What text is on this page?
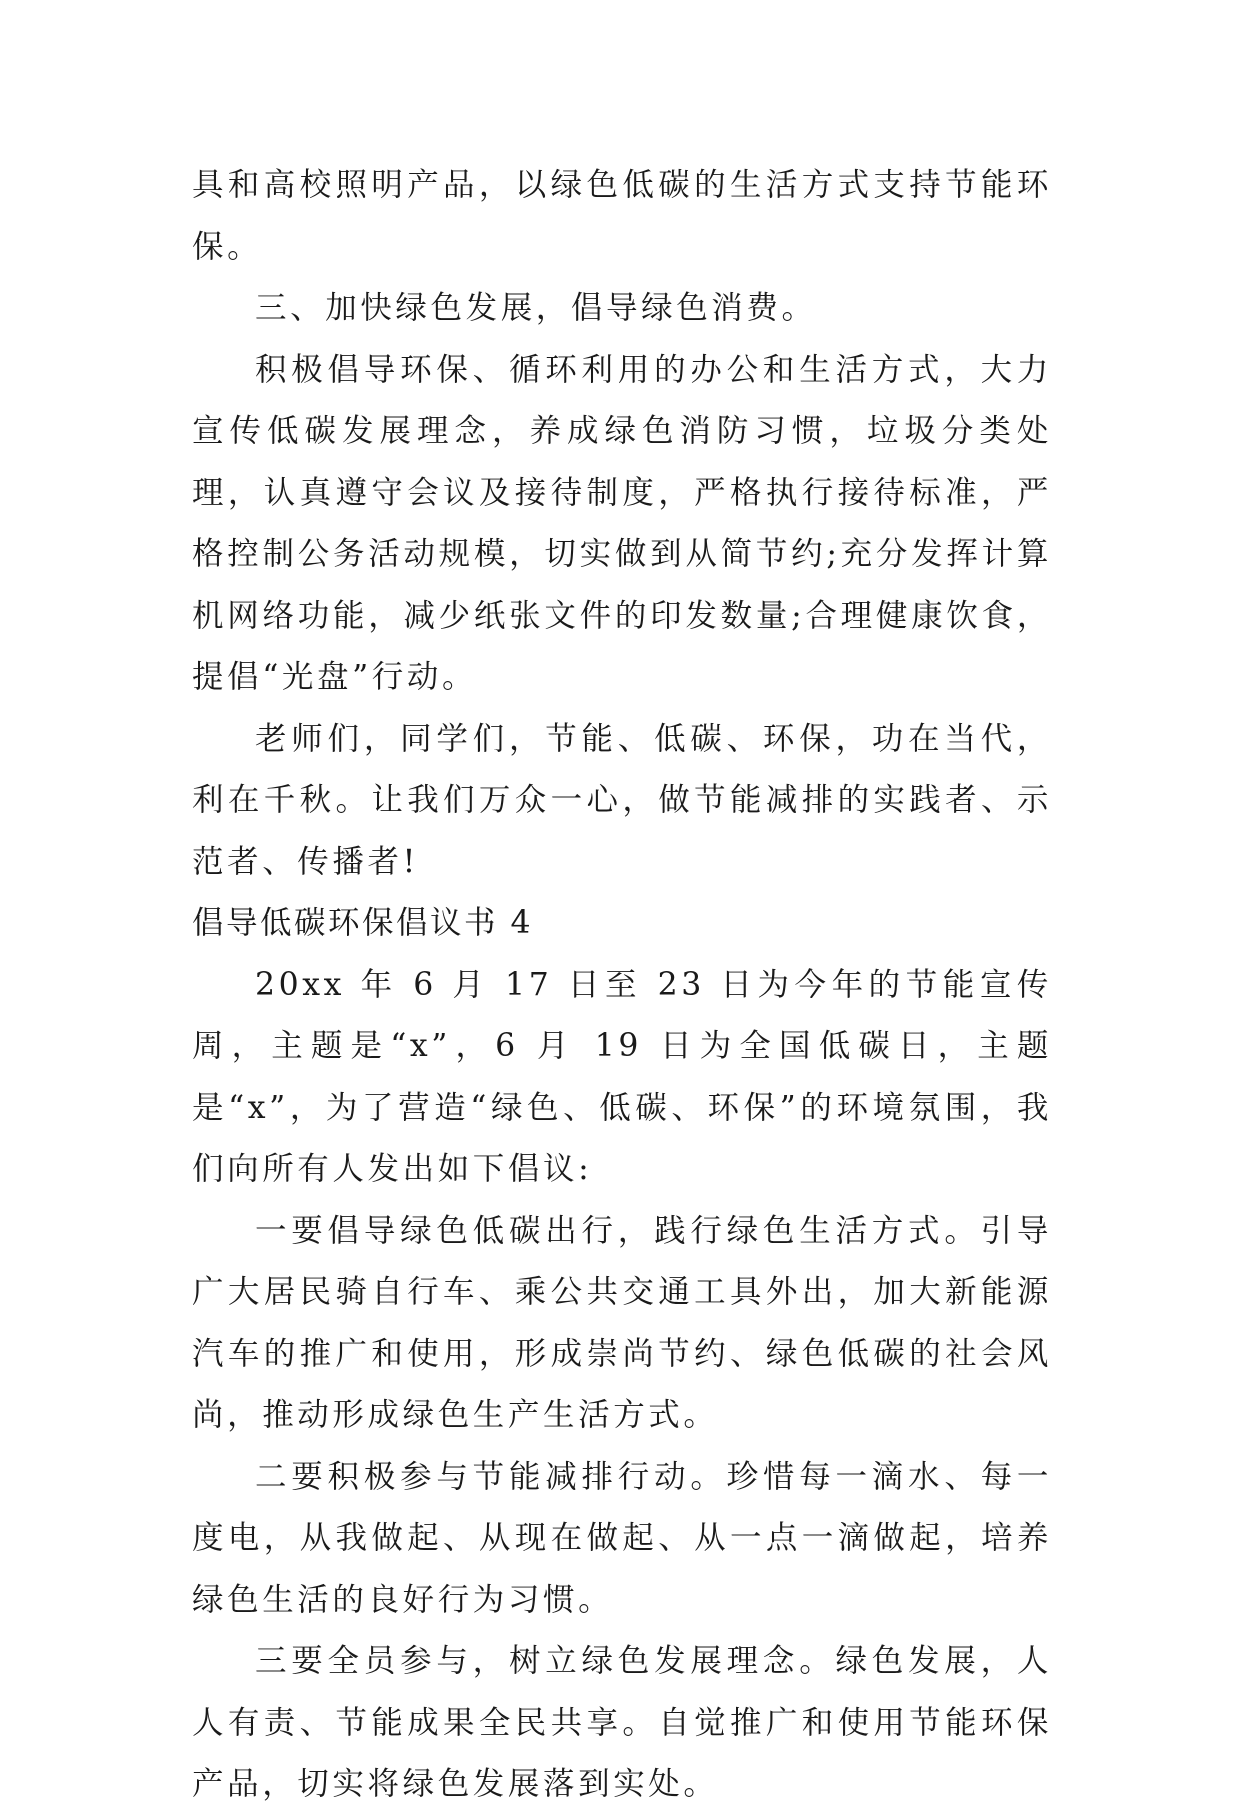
具和高校照明产品，以绿色低碳的生活方式支持节能环保。

三、加快绿色发展，倡导绿色消费。

积极倡导环保、循环利用的办公和生活方式，大力宣传低碳发展理念，养成绿色消防习惯，垃圾分类处理，认真遵守会议及接待制度，严格执行接待标准，严格控制公务活动规模，切实做到从简节约;充分发挥计算机网络功能，减少纸张文件的印发数量;合理健康饮食，提倡“光盘”行动。

老师们，同学们，节能、低碳、环保，功在当代，利在千秋。让我们万众一心，做节能减排的实践者、示范者、传播者!

倡导低碳环保倡议书 4

20xx 年 6 月 17 日至 23 日为今年的节能宣传周，主题是“x”，6 月 19 日为全国低碳日，主题是“x”，为了营造“绿色、低碳、环保”的环境氛围，我们向所有人发出如下倡议:

一要倡导绿色低碳出行，践行绿色生活方式。引导广大居民骑自行车、乘公共交通工具外出，加大新能源汽车的推广和使用，形成崇尚节约、绿色低碳的社会风尚，推动形成绿色生产生活方式。

二要积极参与节能减排行动。珍惜每一滴水、每一度电，从我做起、从现在做起、从一点一滴做起，培养绿色生活的良好行为习惯。

三要全员参与，树立绿色发展理念。绿色发展，人人有责、节能成果全民共享。自觉推广和使用节能环保产品，切实将绿色发展落到实处。
